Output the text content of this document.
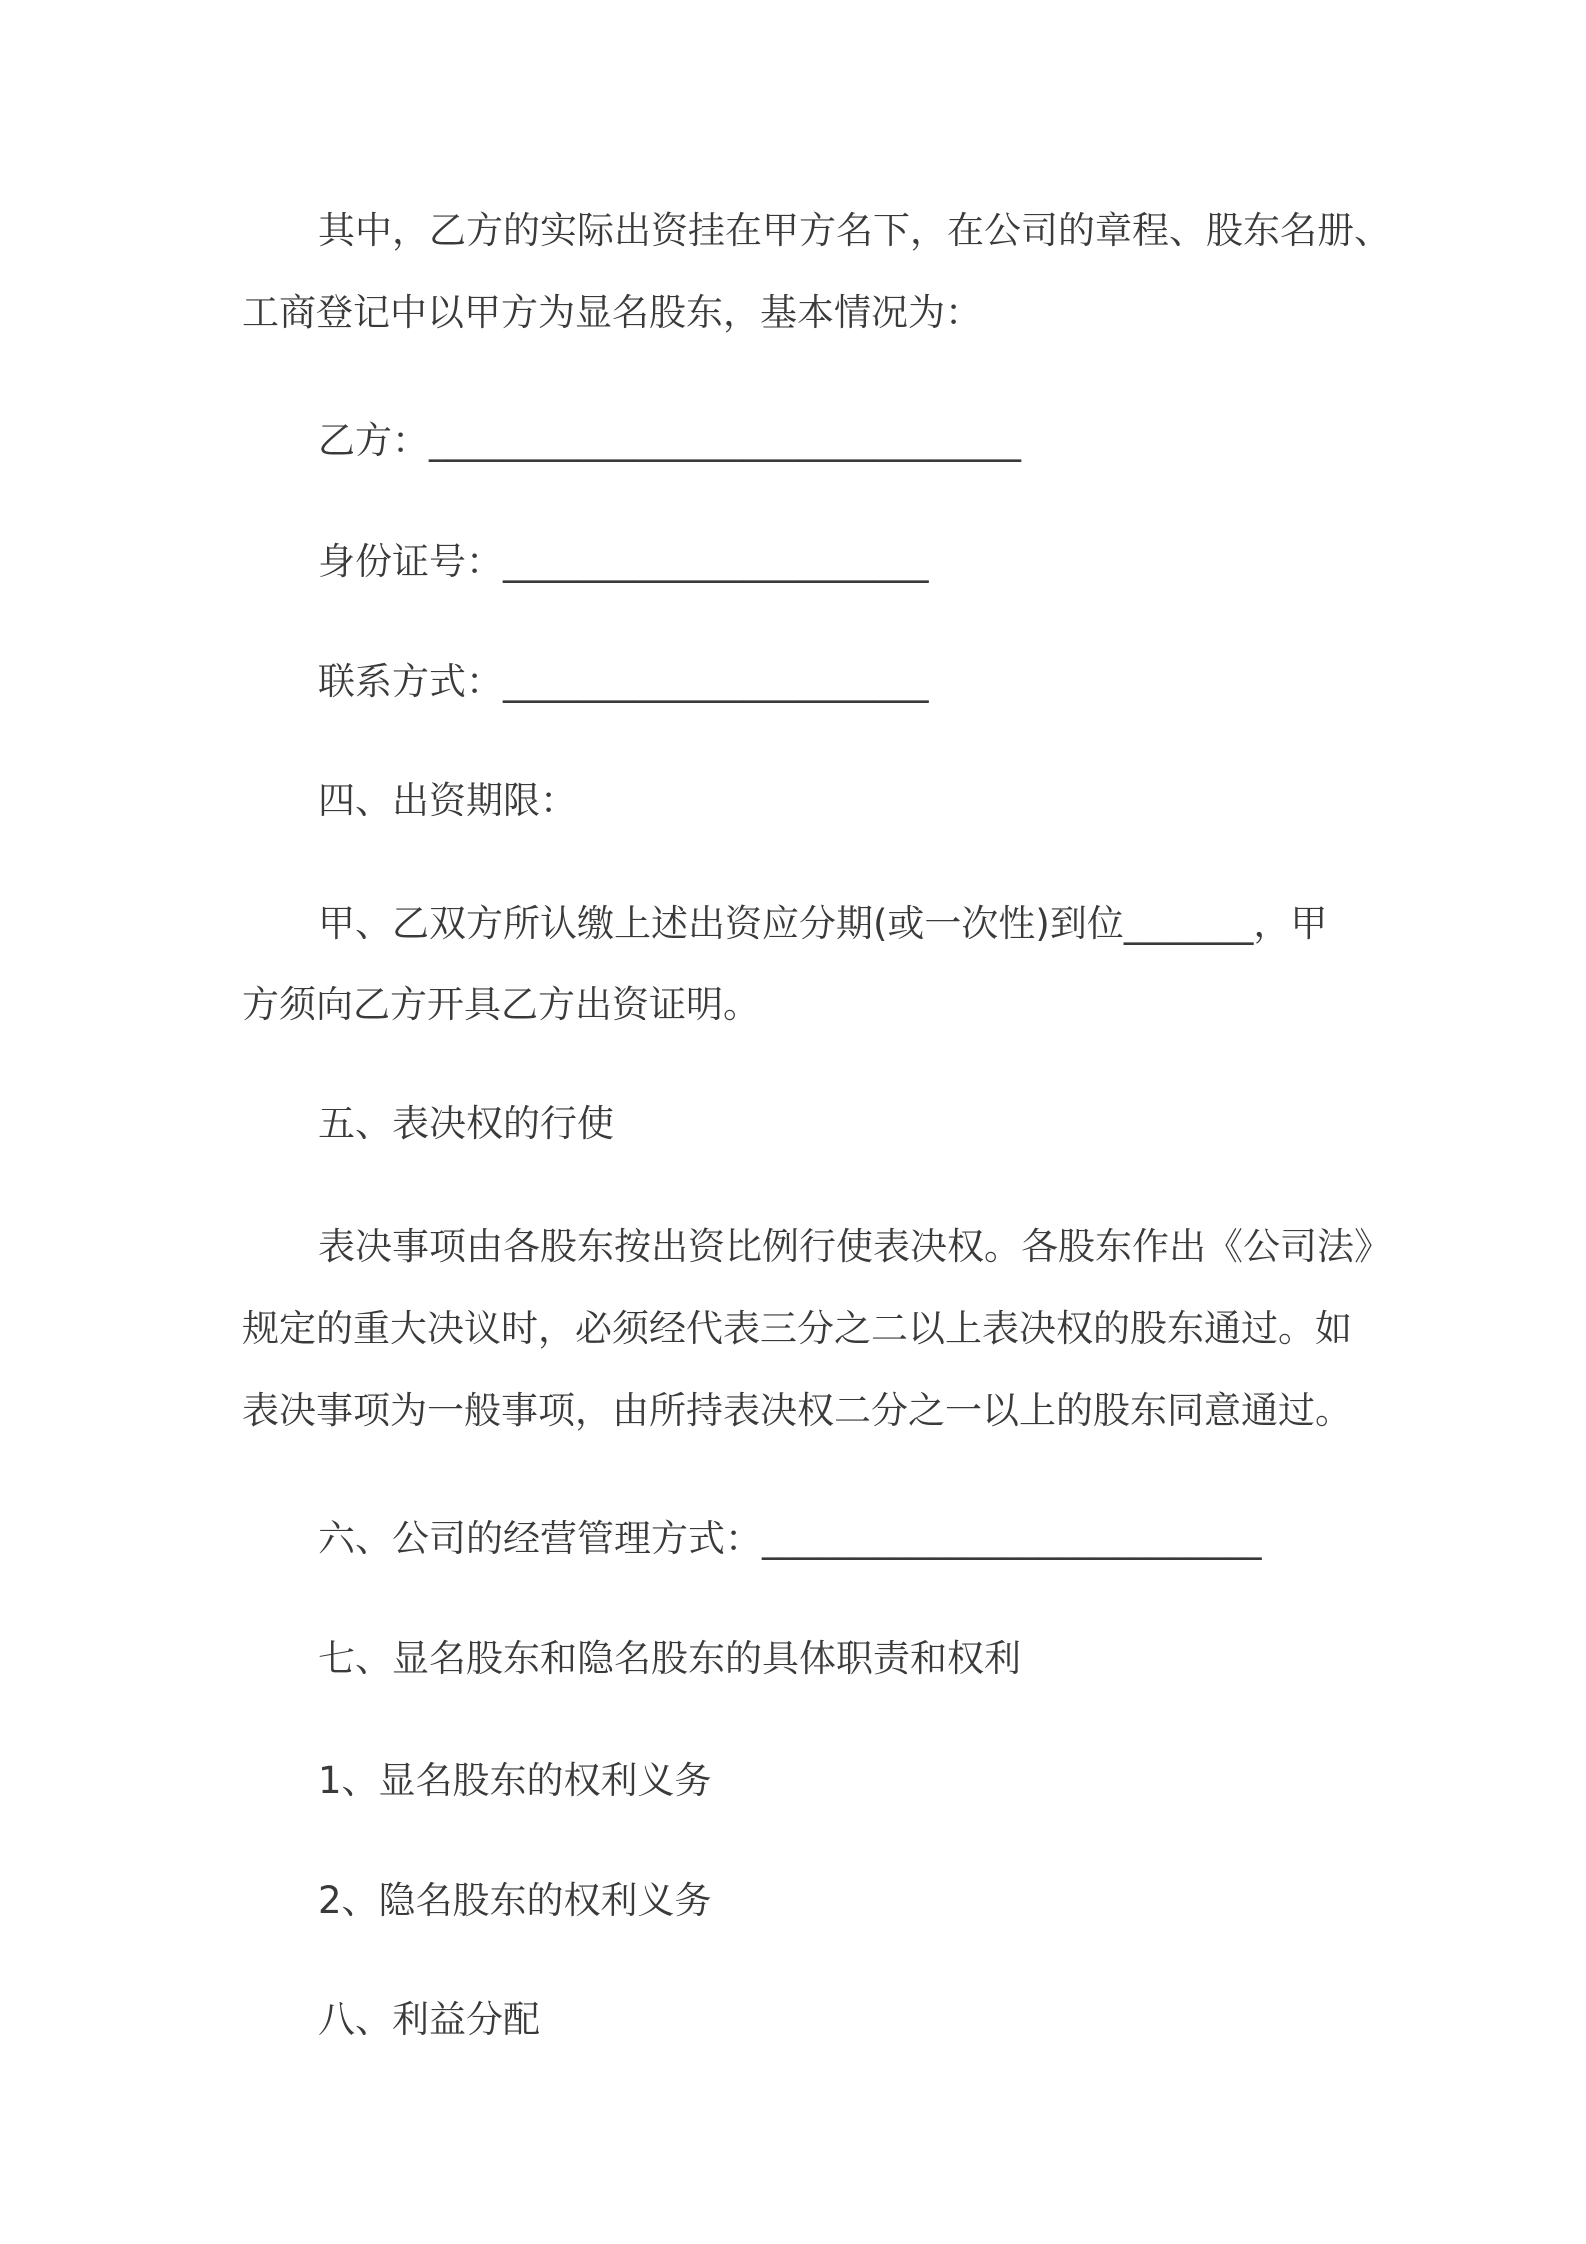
其中，乙方的实际出资挂在甲方名下，在公司的章程、股东名册、
工商登记中以甲方为显名股东，基本情况为：
乙方：________________________________
身份证号：_______________________
联系方式：_______________________
四、出资期限：
甲、乙双方所认缴上述出资应分期(或一次性)到位_______，甲
方须向乙方开具乙方出资证明。
五、表决权的行使
表决事项由各股东按出资比例行使表决权。各股东作出《公司法》
规定的重大决议时，必须经代表三分之二以上表决权的股东通过。如
表决事项为一般事项，由所持表决权二分之一以上的股东同意通过。
六、公司的经营管理方式：___________________________
七、显名股东和隐名股东的具体职责和权利
1、显名股东的权利义务
2、隐名股东的权利义务
八、利益分配
